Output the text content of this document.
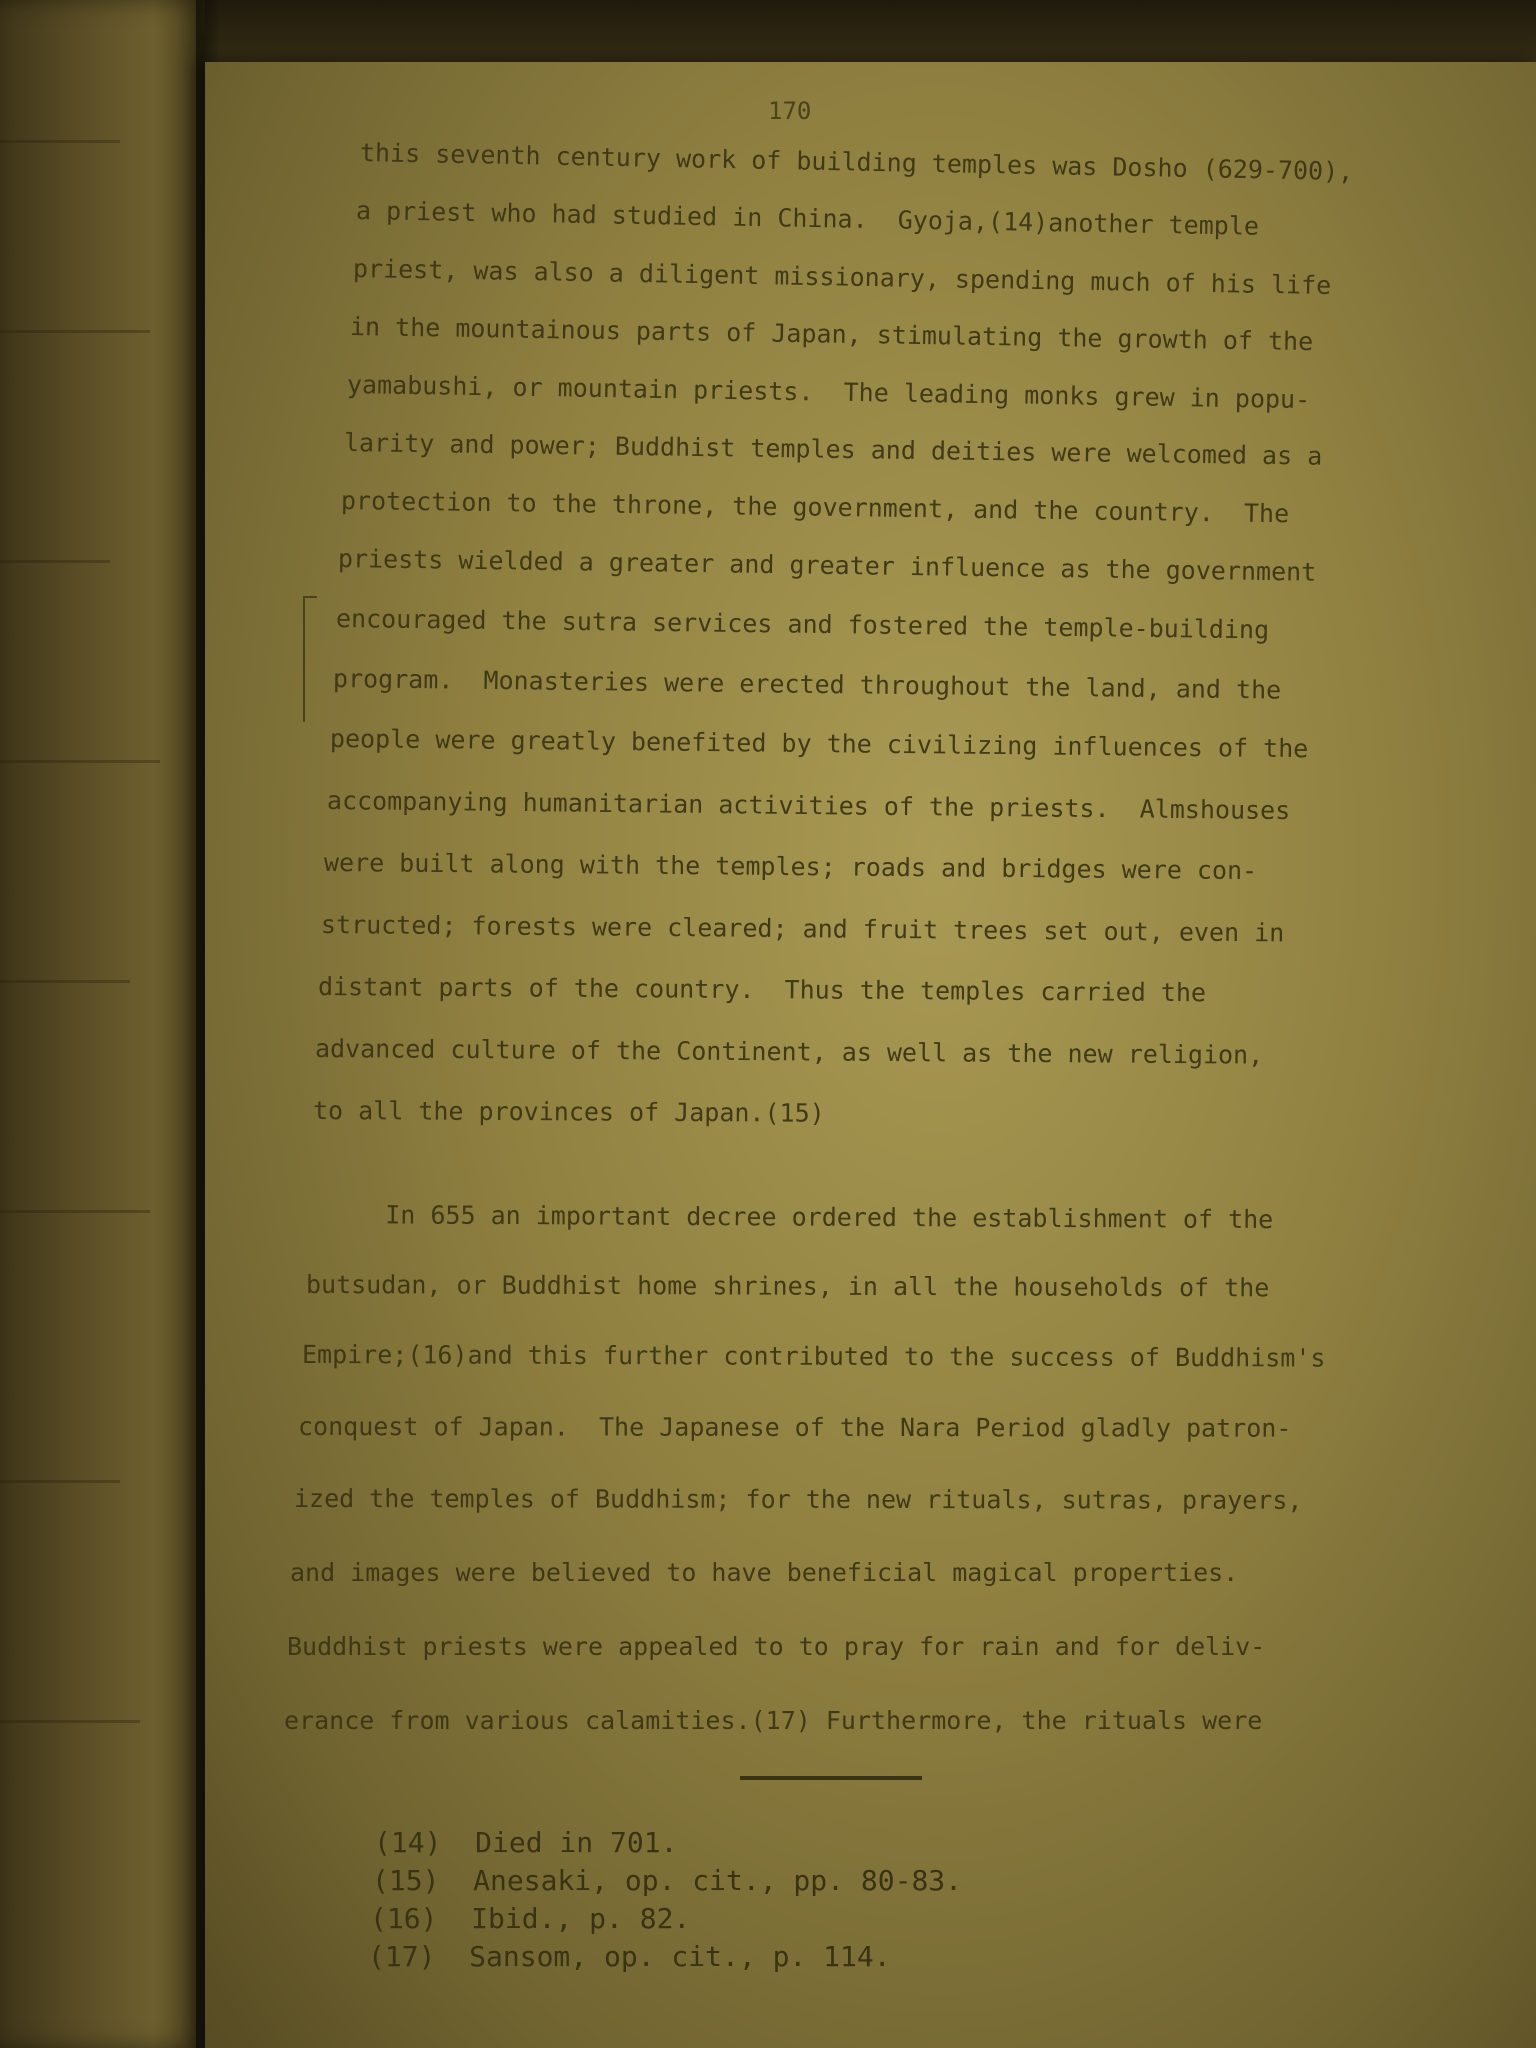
170
this seventh century work of building temples was Dosho (629-700),
a priest who had studied in China.  Gyoja,(14)another temple
priest, was also a diligent missionary, spending much of his life
in the mountainous parts of Japan, stimulating the growth of the
yamabushi, or mountain priests.  The leading monks grew in popu-
larity and power; Buddhist temples and deities were welcomed as a
protection to the throne, the government, and the country.  The
priests wielded a greater and greater influence as the government
encouraged the sutra services and fostered the temple-building
program.  Monasteries were erected throughout the land, and the
people were greatly benefited by the civilizing influences of the
accompanying humanitarian activities of the priests.  Almshouses
were built along with the temples; roads and bridges were con-
structed; forests were cleared; and fruit trees set out, even in
distant parts of the country.  Thus the temples carried the
advanced culture of the Continent, as well as the new religion,
to all the provinces of Japan.(15)
In 655 an important decree ordered the establishment of the
butsudan, or Buddhist home shrines, in all the households of the
Empire;(16)and this further contributed to the success of Buddhism's
conquest of Japan.  The Japanese of the Nara Period gladly patron-
ized the temples of Buddhism; for the new rituals, sutras, prayers,
and images were believed to have beneficial magical properties.
Buddhist priests were appealed to to pray for rain and for deliv-
erance from various calamities.(17) Furthermore, the rituals were
(14)  Died in 701.
(15)  Anesaki, op. cit., pp. 80-83.
(16)  Ibid., p. 82.
(17)  Sansom, op. cit., p. 114.
